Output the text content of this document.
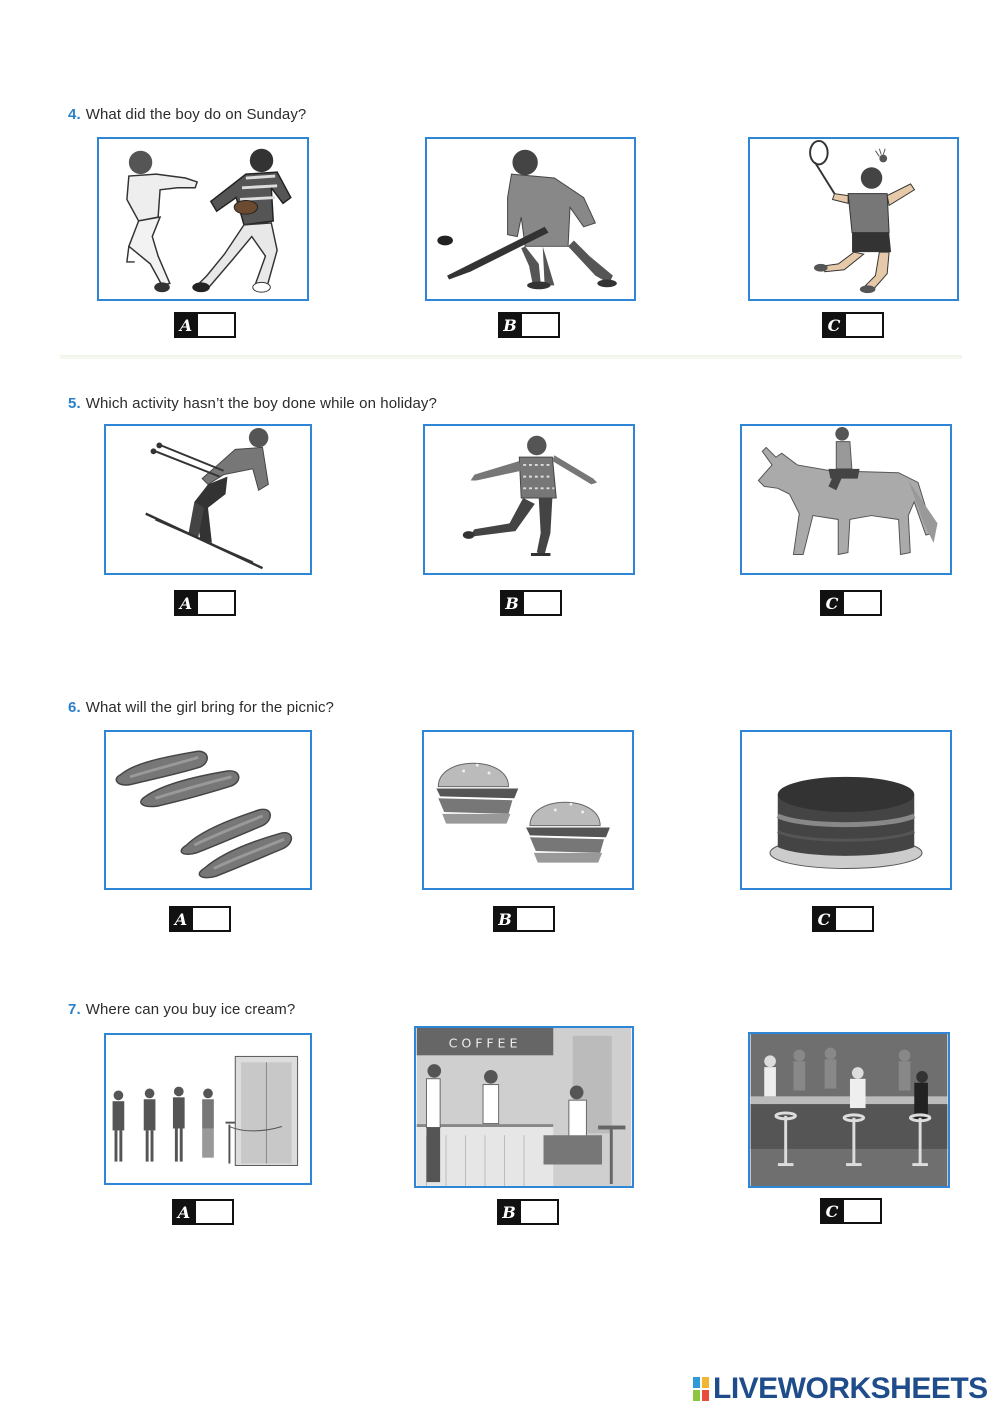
4. What did the boy do on Sunday?
A	B	C
5. Which activity hasn’t the boy done while on holiday?
A	B	C
6. What will the girl bring for the picnic?
A	B	C
7. Where can you buy ice cream?
A
COFFEE
B	C
LIVEWORKSHEETS
